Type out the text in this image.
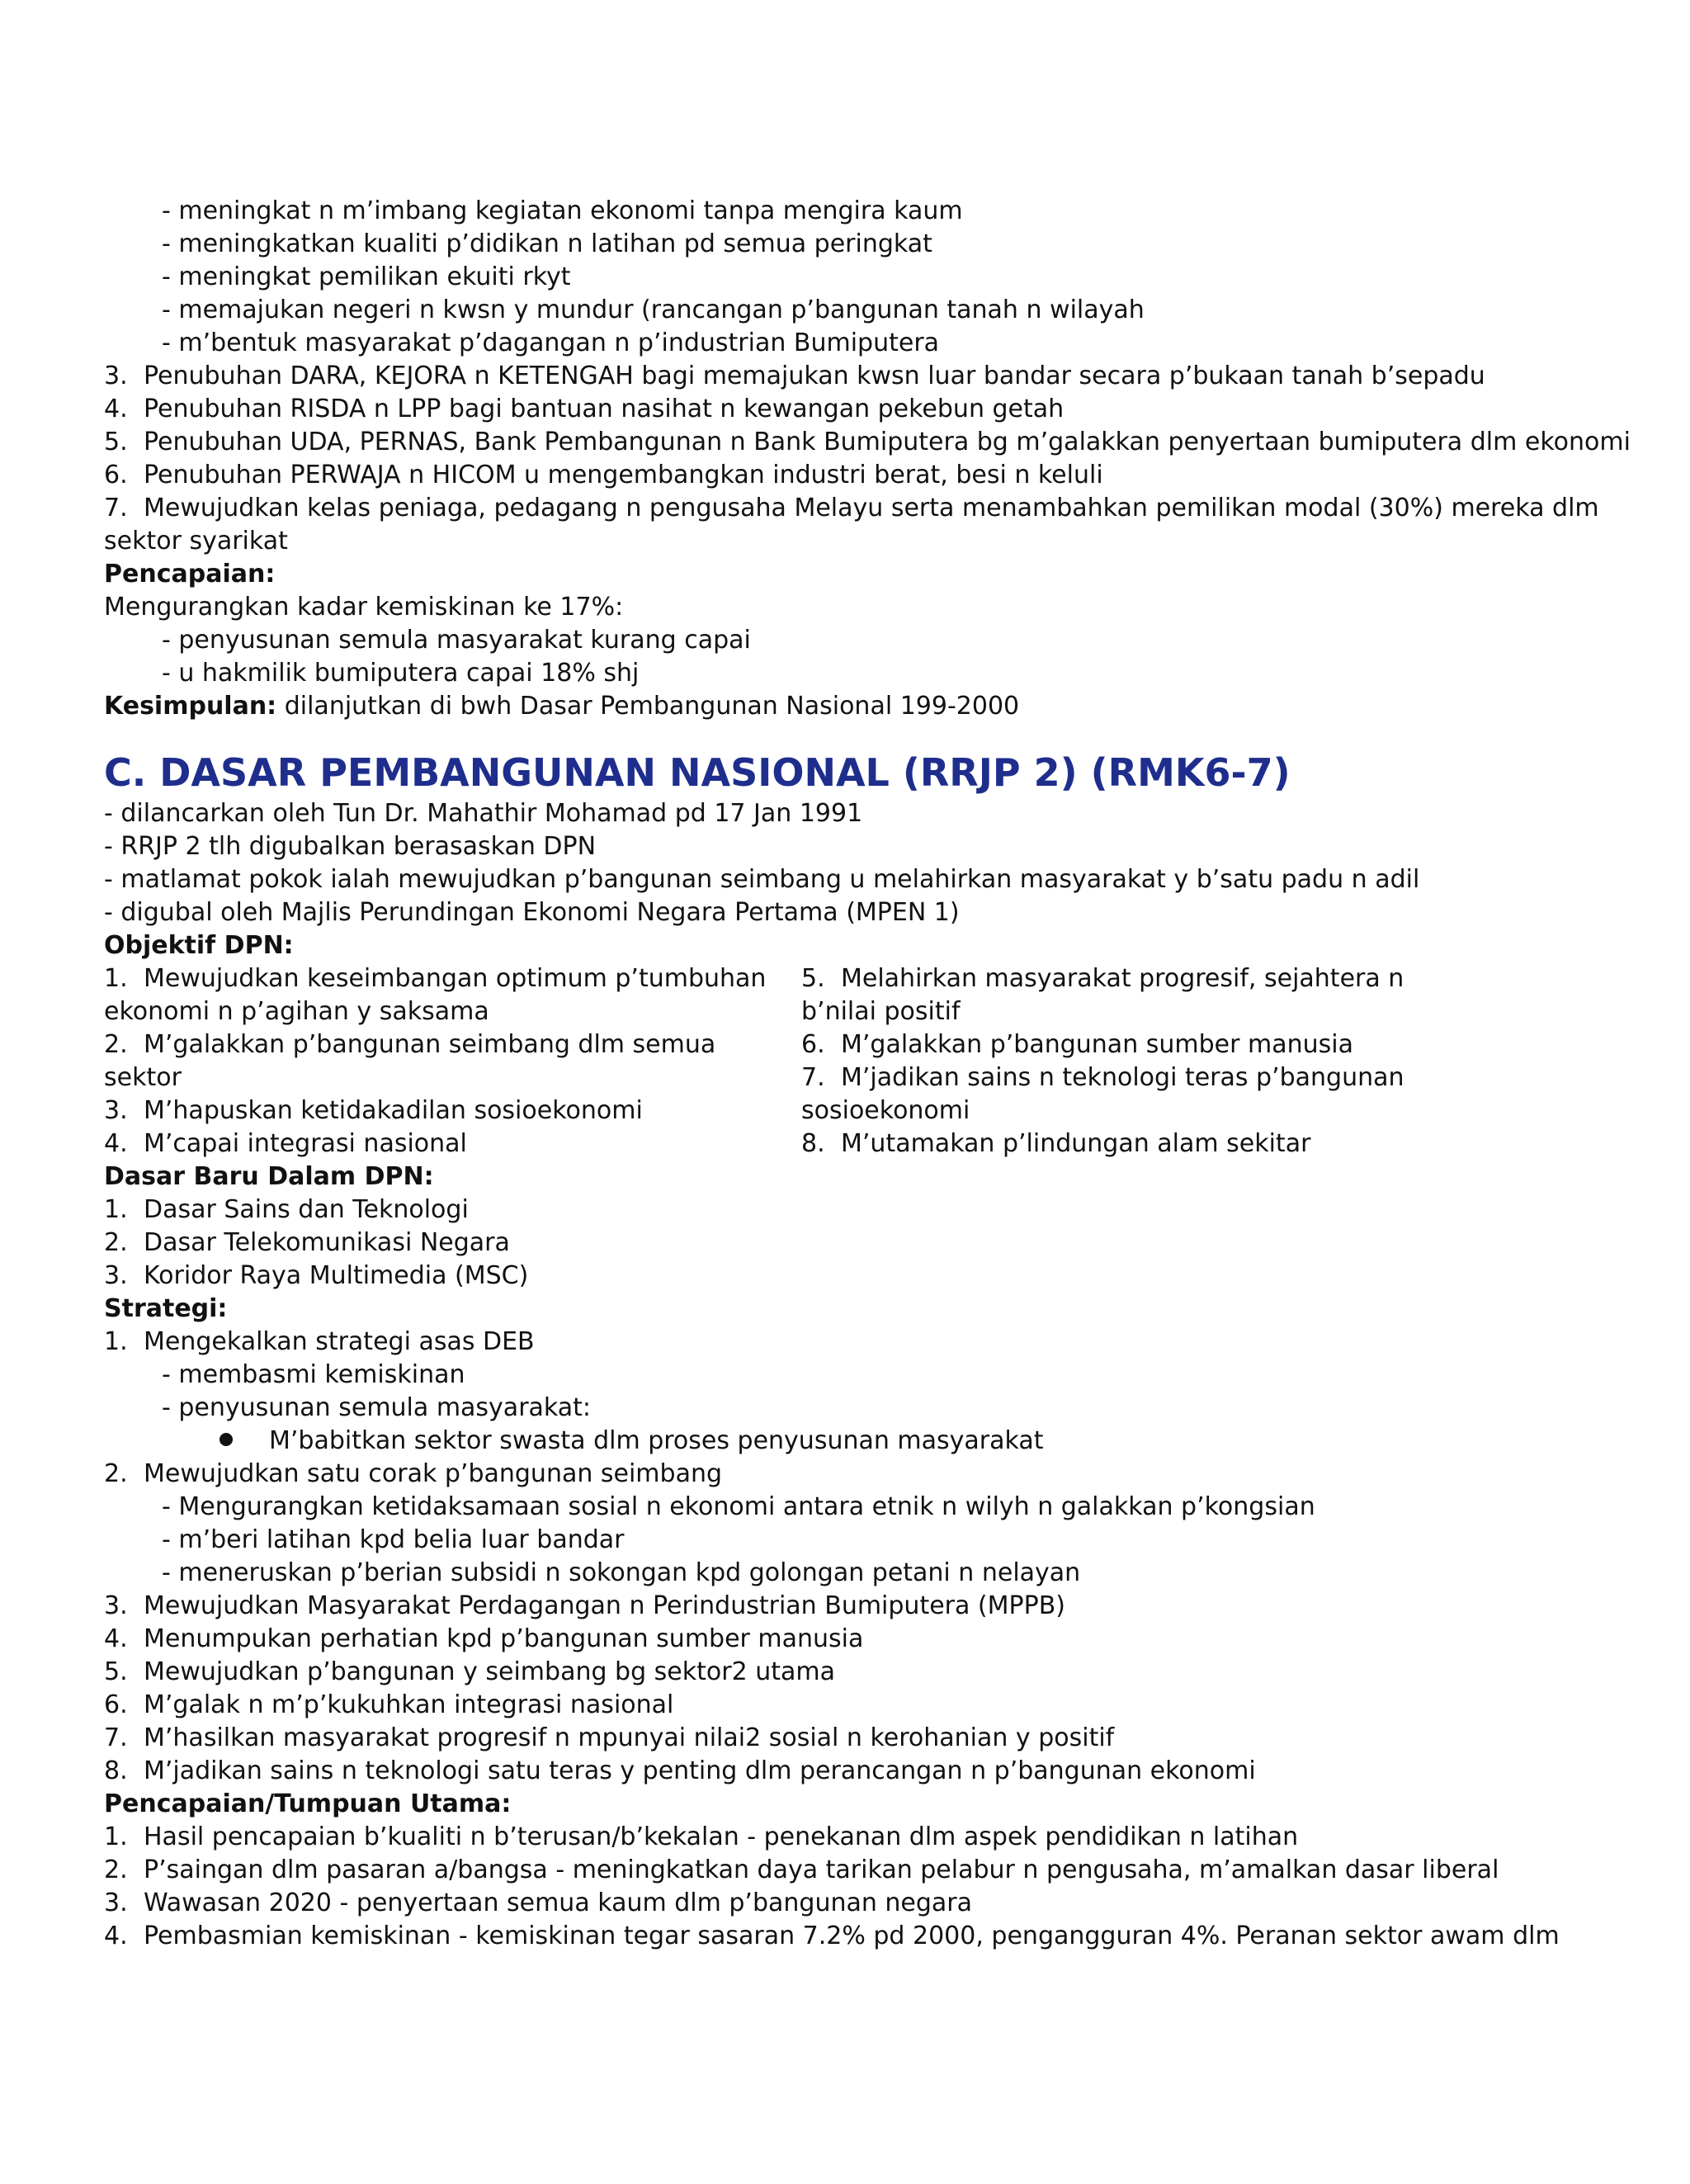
- meningkat n m’imbang kegiatan ekonomi tanpa mengira kaum
- meningkatkan kualiti p’didikan n latihan pd semua peringkat
- meningkat pemilikan ekuiti rkyt
- memajukan negeri n kwsn y mundur (rancangan p’bangunan tanah n wilayah
- m’bentuk masyarakat p’dagangan n p’industrian Bumiputera
3. Penubuhan DARA, KEJORA n KETENGAH bagi memajukan kwsn luar bandar secara p’bukaan tanah b’sepadu
4. Penubuhan RISDA n LPP bagi bantuan nasihat n kewangan pekebun getah
5. Penubuhan UDA, PERNAS, Bank Pembangunan n Bank Bumiputera bg m’galakkan penyertaan bumiputera dlm ekonomi
6. Penubuhan PERWAJA n HICOM u mengembangkan industri berat, besi n keluli
7. Mewujudkan kelas peniaga, pedagang n pengusaha Melayu serta menambahkan pemilikan modal (30%) mereka dlm
sektor syarikat
Pencapaian:
Mengurangkan kadar kemiskinan ke 17%:
- penyusunan semula masyarakat kurang capai
- u hakmilik bumiputera capai 18% shj
Kesimpulan: dilanjutkan di bwh Dasar Pembangunan Nasional 199-2000
C. DASAR PEMBANGUNAN NASIONAL (RRJP 2) (RMK6-7)
- dilancarkan oleh Tun Dr. Mahathir Mohamad pd 17 Jan 1991
- RRJP 2 tlh digubalkan berasaskan DPN
- matlamat pokok ialah mewujudkan p’bangunan seimbang u melahirkan masyarakat y b’satu padu n adil
- digubal oleh Majlis Perundingan Ekonomi Negara Pertama (MPEN 1)
Objektif DPN:
1. Mewujudkan keseimbangan optimum p’tumbuhan
ekonomi n p’agihan y saksama
2. M’galakkan p’bangunan seimbang dlm semua
sektor
3. M’hapuskan ketidakadilan sosioekonomi
4. M’capai integrasi nasional
5. Melahirkan masyarakat progresif, sejahtera n
b’nilai positif
6. M’galakkan p’bangunan sumber manusia
7. M’jadikan sains n teknologi teras p’bangunan
sosioekonomi
8. M’utamakan p’lindungan alam sekitar
Dasar Baru Dalam DPN:
1. Dasar Sains dan Teknologi
2. Dasar Telekomunikasi Negara
3. Koridor Raya Multimedia (MSC)
Strategi:
1. Mengekalkan strategi asas DEB
- membasmi kemiskinan
- penyusunan semula masyarakat:
M’babitkan sektor swasta dlm proses penyusunan masyarakat
2. Mewujudkan satu corak p’bangunan seimbang
- Mengurangkan ketidaksamaan sosial n ekonomi antara etnik n wilyh n galakkan p’kongsian
- m’beri latihan kpd belia luar bandar
- meneruskan p’berian subsidi n sokongan kpd golongan petani n nelayan
3. Mewujudkan Masyarakat Perdagangan n Perindustrian Bumiputera (MPPB)
4. Menumpukan perhatian kpd p’bangunan sumber manusia
5. Mewujudkan p’bangunan y seimbang bg sektor2 utama
6. M’galak n m’p’kukuhkan integrasi nasional
7. M’hasilkan masyarakat progresif n mpunyai nilai2 sosial n kerohanian y positif
8. M’jadikan sains n teknologi satu teras y penting dlm perancangan n p’bangunan ekonomi
Pencapaian/Tumpuan Utama:
1. Hasil pencapaian b’kualiti n b’terusan/b’kekalan - penekanan dlm aspek pendidikan n latihan
2. P’saingan dlm pasaran a/bangsa - meningkatkan daya tarikan pelabur n pengusaha, m’amalkan dasar liberal
3. Wawasan 2020 - penyertaan semua kaum dlm p’bangunan negara
4. Pembasmian kemiskinan - kemiskinan tegar sasaran 7.2% pd 2000, pengangguran 4%. Peranan sektor awam dlm
